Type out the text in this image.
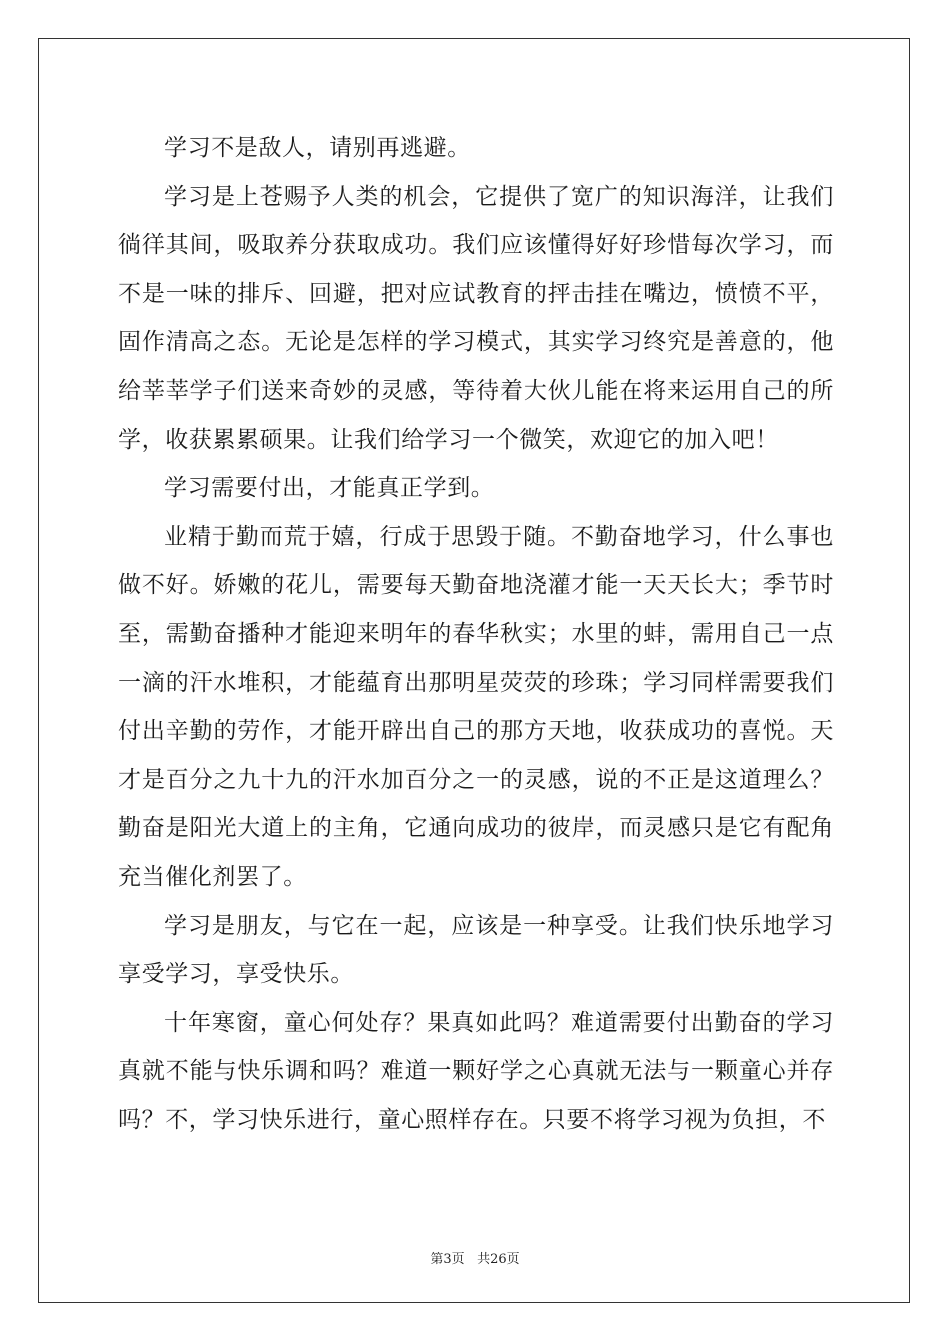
学习不是敌人，请别再逃避。

学习是上苍赐予人类的机会，它提供了宽广的知识海洋，让我们徜徉其间，吸取养分获取成功。我们应该懂得好好珍惜每次学习，而不是一味的排斥、回避，把对应试教育的抨击挂在嘴边，愤愤不平，固作清高之态。无论是怎样的学习模式，其实学习终究是善意的，他给莘莘学子们送来奇妙的灵感，等待着大伙儿能在将来运用自己的所学，收获累累硕果。让我们给学习一个微笑，欢迎它的加入吧！

学习需要付出，才能真正学到。

业精于勤而荒于嬉，行成于思毁于随。不勤奋地学习，什么事也做不好。娇嫩的花儿，需要每天勤奋地浇灌才能一天天长大；季节时至，需勤奋播种才能迎来明年的春华秋实；水里的蚌，需用自己一点一滴的汗水堆积，才能蕴育出那明星荧荧的珍珠；学习同样需要我们付出辛勤的劳作，才能开辟出自己的那方天地，收获成功的喜悦。天才是百分之九十九的汗水加百分之一的灵感，说的不正是这道理么？勤奋是阳光大道上的主角，它通向成功的彼岸，而灵感只是它有配角充当催化剂罢了。

学习是朋友，与它在一起，应该是一种享受。让我们快乐地学习享受学习，享受快乐。

十年寒窗，童心何处存？果真如此吗？难道需要付出勤奋的学习真就不能与快乐调和吗？难道一颗好学之心真就无法与一颗童心并存吗？不，学习快乐进行，童心照样存在。只要不将学习视为负担，不

第3页 共26页
